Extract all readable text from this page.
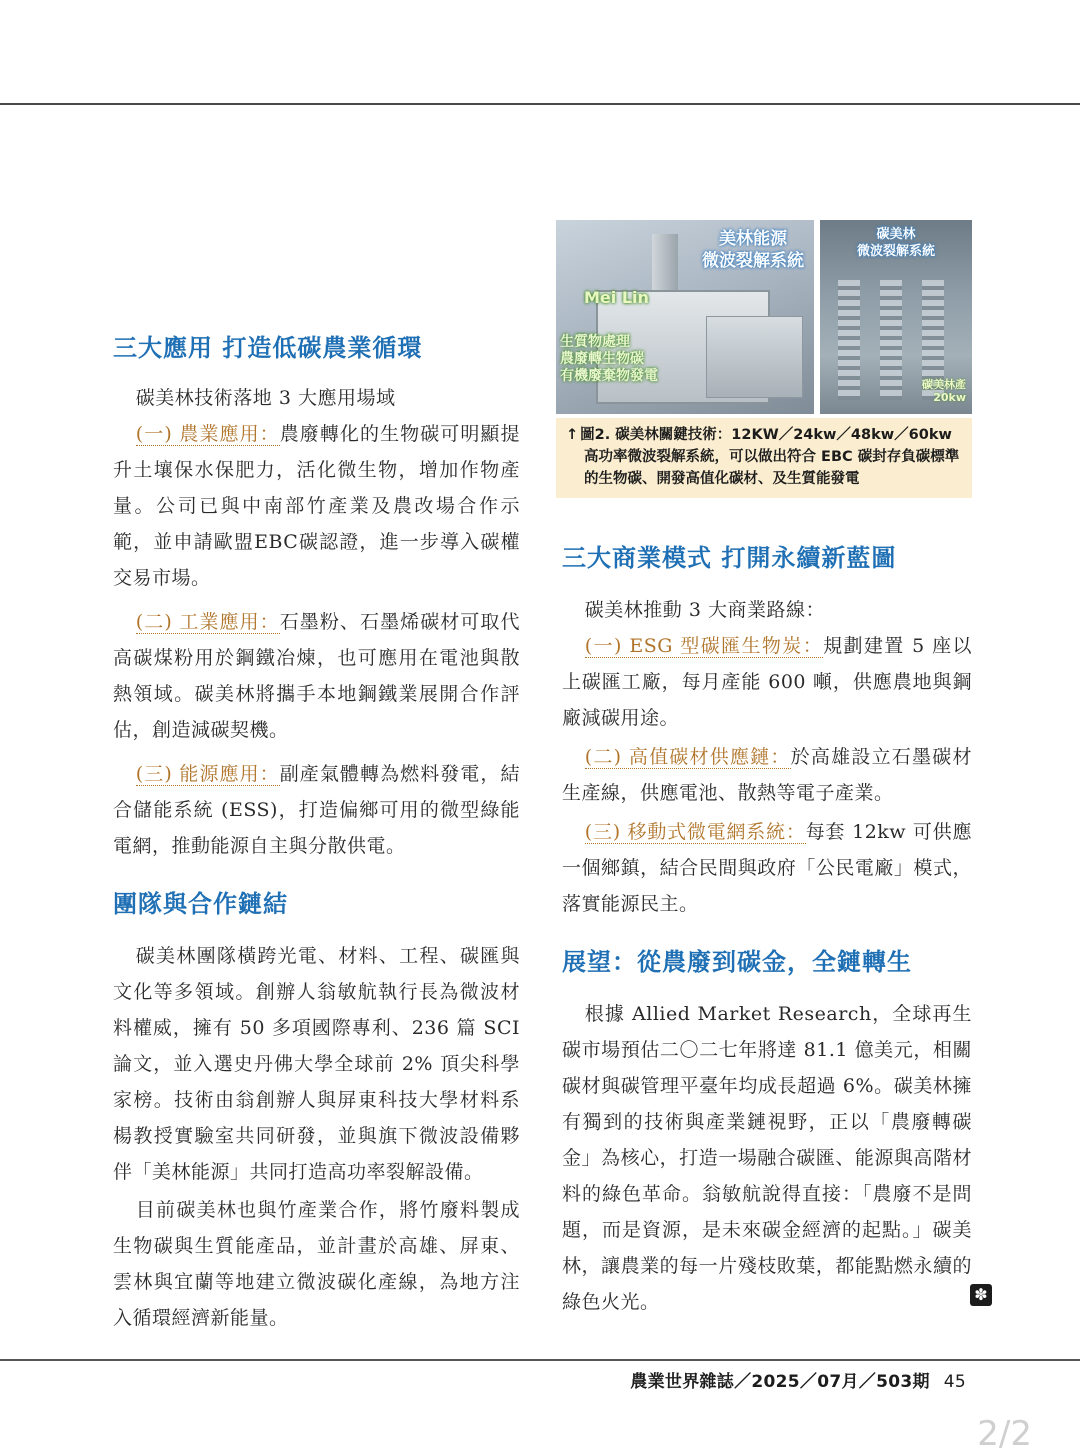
三大應用 打造低碳農業循環

碳美林技術落地 3 大應用場域

(一) 農業應用：農廢轉化的生物碳可明顯提升土壤保水保肥力，活化微生物，增加作物產量。公司已與中南部竹產業及農改場合作示範，並申請歐盟EBC碳認證，進一步導入碳權交易市場。

(二) 工業應用：石墨粉、石墨烯碳材可取代高碳煤粉用於鋼鐵冶煉，也可應用在電池與散熱領域。碳美林將攜手本地鋼鐵業展開合作評估，創造減碳契機。

(三) 能源應用：副產氣體轉為燃料發電，結合儲能系統 (ESS)，打造偏鄉可用的微型綠能電網，推動能源自主與分散供電。

團隊與合作鏈結

碳美林團隊橫跨光電、材料、工程、碳匯與文化等多領域。創辦人翁敏航執行長為微波材料權威，擁有 50 多項國際專利、236 篇 SCI 論文，並入選史丹佛大學全球前 2% 頂尖科學家榜。技術由翁創辦人與屏東科技大學材料系楊教授實驗室共同研發，並與旗下微波設備夥伴「美林能源」共同打造高功率裂解設備。

目前碳美林也與竹產業合作，將竹廢料製成生物碳與生質能產品，並計畫於高雄、屏東、雲林與宜蘭等地建立微波碳化產線，為地方注入循環經濟新能量。

美林能源
微波裂解系統
Mei Lin
生質物處理
農廢轉生物碳
有機廢棄物發電
碳美林
微波裂解系統
碳美林產
20kw
↑ 圖2. 碳美林關鍵技術：12KW／24kw／48kw／60kw
高功率微波裂解系統，可以做出符合 EBC 碳封存負碳標準的生物碳、開發高值化碳材、及生質能發電
三大商業模式 打開永續新藍圖

碳美林推動 3 大商業路線：

(一) ESG 型碳匯生物炭：規劃建置 5 座以上碳匯工廠，每月產能 600 噸，供應農地與鋼廠減碳用途。

(二) 高值碳材供應鏈：於高雄設立石墨碳材生產線，供應電池、散熱等電子產業。

(三) 移動式微電網系統：每套 12kw 可供應一個鄉鎮，結合民間與政府「公民電廠」模式，落實能源民主。

展望：從農廢到碳金，全鏈轉生

根據 Allied Market Research，全球再生碳市場預估二〇二七年將達 81.1 億美元，相關碳材與碳管理平臺年均成長超過 6%。碳美林擁有獨到的技術與產業鏈視野，正以「農廢轉碳金」為核心，打造一場融合碳匯、能源與高階材料的綠色革命。翁敏航說得直接：「農廢不是問題，而是資源，是未來碳金經濟的起點。」碳美林，讓農業的每一片殘枝敗葉，都能點燃永續的綠色火光。	✽
農業世界雜誌／2025／07月／503期 45
2/2
